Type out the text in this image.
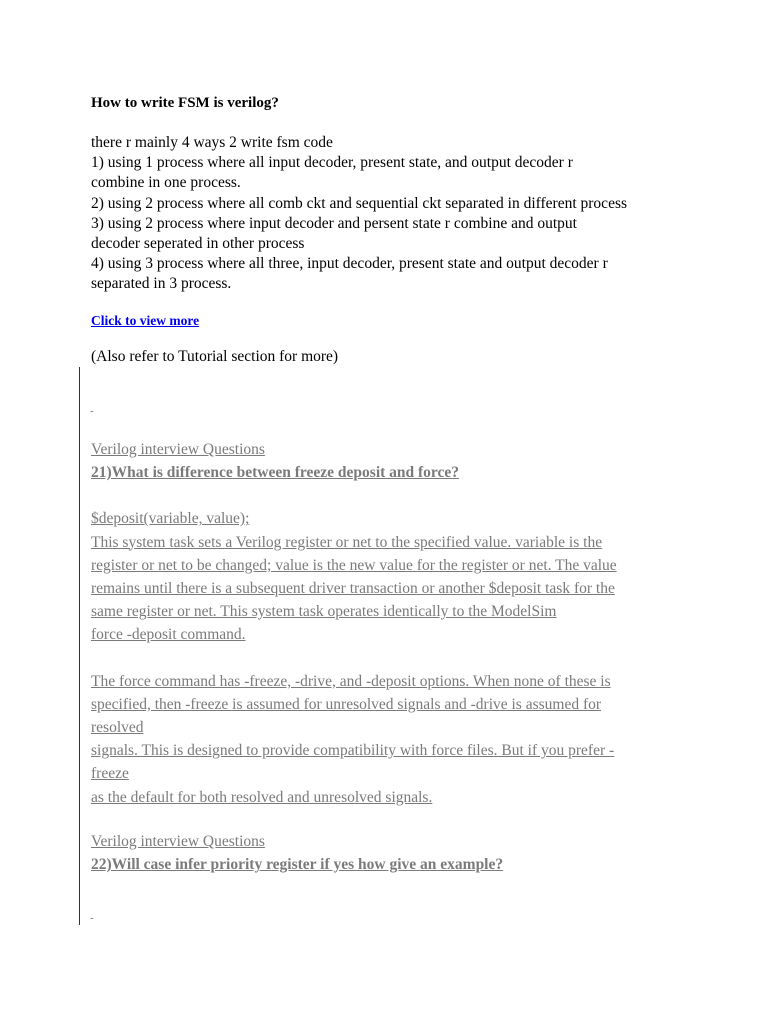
How to write FSM is verilog?
there r mainly 4 ways 2 write fsm code
1) using 1 process where all input decoder, present state, and output decoder r
combine in one process.
2) using 2 process where all comb ckt and sequential ckt separated in different process
3) using 2 process where input decoder and persent state r combine and output
decoder seperated in other process
4) using 3 process where all three, input decoder, present state and output decoder r
separated in 3 process.
Click to view more
(Also refer to Tutorial section for more)
-
Verilog interview Questions
21)What is difference between freeze deposit and force?
$deposit(variable, value);
This system task sets a Verilog register or net to the specified value. variable is the
register or net to be changed; value is the new value for the register or net. The value
remains until there is a subsequent driver transaction or another $deposit task for the
same register or net. This system task operates identically to the ModelSim
force -deposit command.
The force command has -freeze, -drive, and -deposit options. When none of these is
specified, then -freeze is assumed for unresolved signals and -drive is assumed for
resolved
signals. This is designed to provide compatibility with force files. But if you prefer -
freeze
as the default for both resolved and unresolved signals.
Verilog interview Questions
22)Will case infer priority register if yes how give an example?
-
